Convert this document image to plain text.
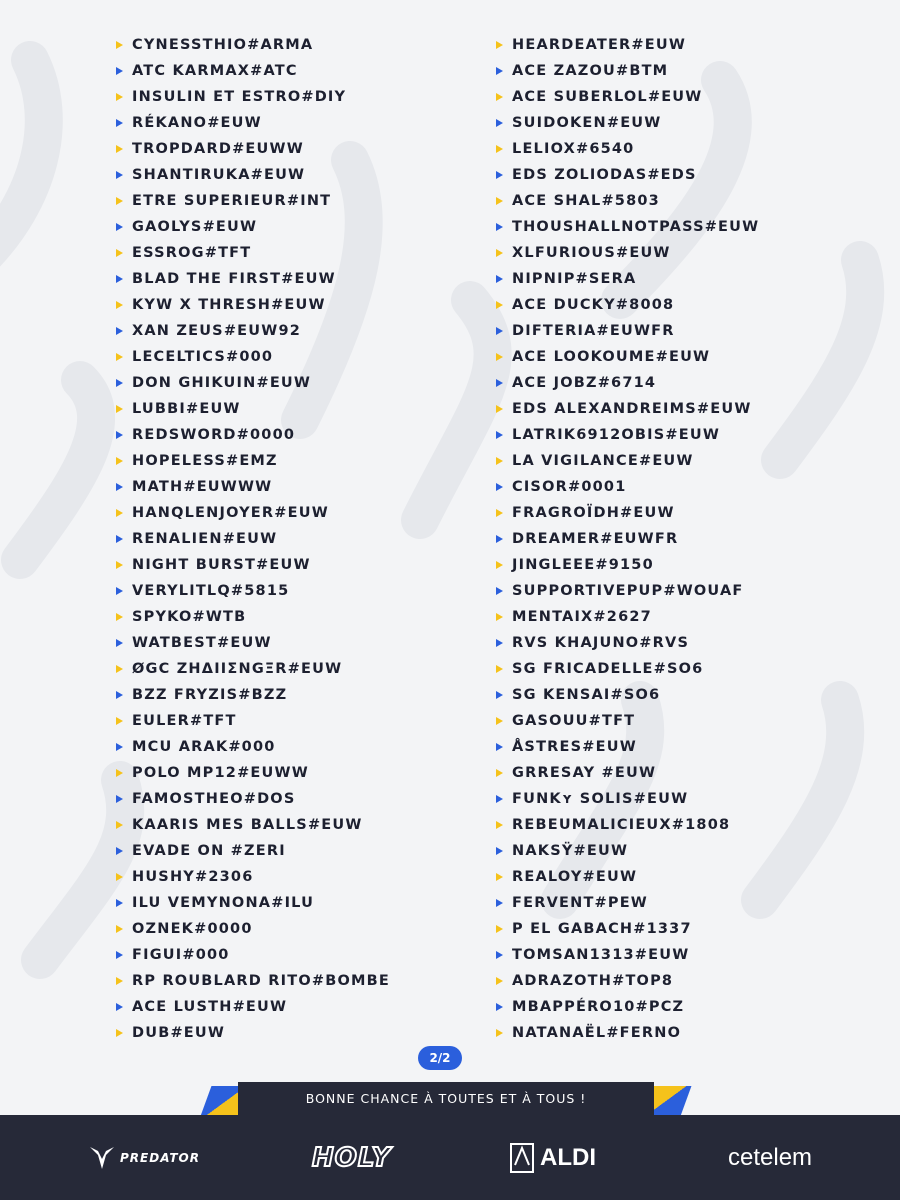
CYNESSTHIO#ARMA
ATC KARMAX#ATC
INSULIN ET ESTRO#DIY
RÉKANO#EUW
TROPDARD#EUWW
SHANTIRUKA#EUW
ETRE SUPERIEUR#INT
GAOLYS#EUW
ESSROG#TFT
BLAD THE FIRST#EUW
KYW X THRESH#EUW
XAN ZEUS#EUW92
LECELTICS#000
DON GHIKUIN#EUW
LUBBI#EUW
REDSWORD#0000
HOPELESS#EMZ
MATH#EUWWW
HANQLENJOYER#EUW
RENALIEN#EUW
NIGHT BURST#EUW
VERYLITLQ#5815
SPYKO#WTB
WATBEST#EUW
ØGC ΖΗΔΙΙΣNGΞR#EUW
BZZ FRYZIS#BZZ
EULER#TFT
MCU ARAK#000
POLO MP12#EUWW
FAMOSTHEO#DOS
KAARIS MES BALLS#EUW
EVADE ON #ZERI
HUSHY#2306
ILU VEMYNONA#ILU
OZNEK#0000
FIGUI#000
RP ROUBLARD RITO#BOMBE
ACE LUSTH#EUW
DUB#EUW
HEARDEATER#EUW
ACE ZAZOU#BTM
ACE SUBERLOL#EUW
SUIDOKEN#EUW
LELIOX#6540
EDS ZOLIODAS#EDS
ACE SHAL#5803
THOUSHALLNOTPASS#EUW
XLFURIOUS#EUW
NIPNIP#SERA
ACE DUCKY#8008
DIFTERIA#EUWFR
ACE LOOKOUME#EUW
ACE JOBZ#6714
EDS ALEXANDREIMS#EUW
LATRIK6912OBIS#EUW
LA VIGILANCE#EUW
CISOR#0001
FRAGROÏDH#EUW
DREAMER#EUWFR
JINGLEEE#9150
SUPPORTIVEPUP#WOUAF
MENTAIX#2627
RVS KHAJUNO#RVS
SG FRICADELLE#SO6
SG KENSAI#SO6
GASOUU#TFT
ÅSTRES#EUW
GRRESAY #EUW
FUNKʏ SOLIS#EUW
REBEUMALICIEUX#1808
NAKSŸ#EUW
REALOY#EUW
FERVENT#PEW
P EL GABACH#1337
TOMSAN1313#EUW
ADRAZOTH#TOP8
MBAPPÉRO10#PCZ
NATANAËL#FERNO
2/2
BONNE CHANCE À TOUTES ET À TOUS !
PREDATOR	HOLY	ALDI	cetelem
